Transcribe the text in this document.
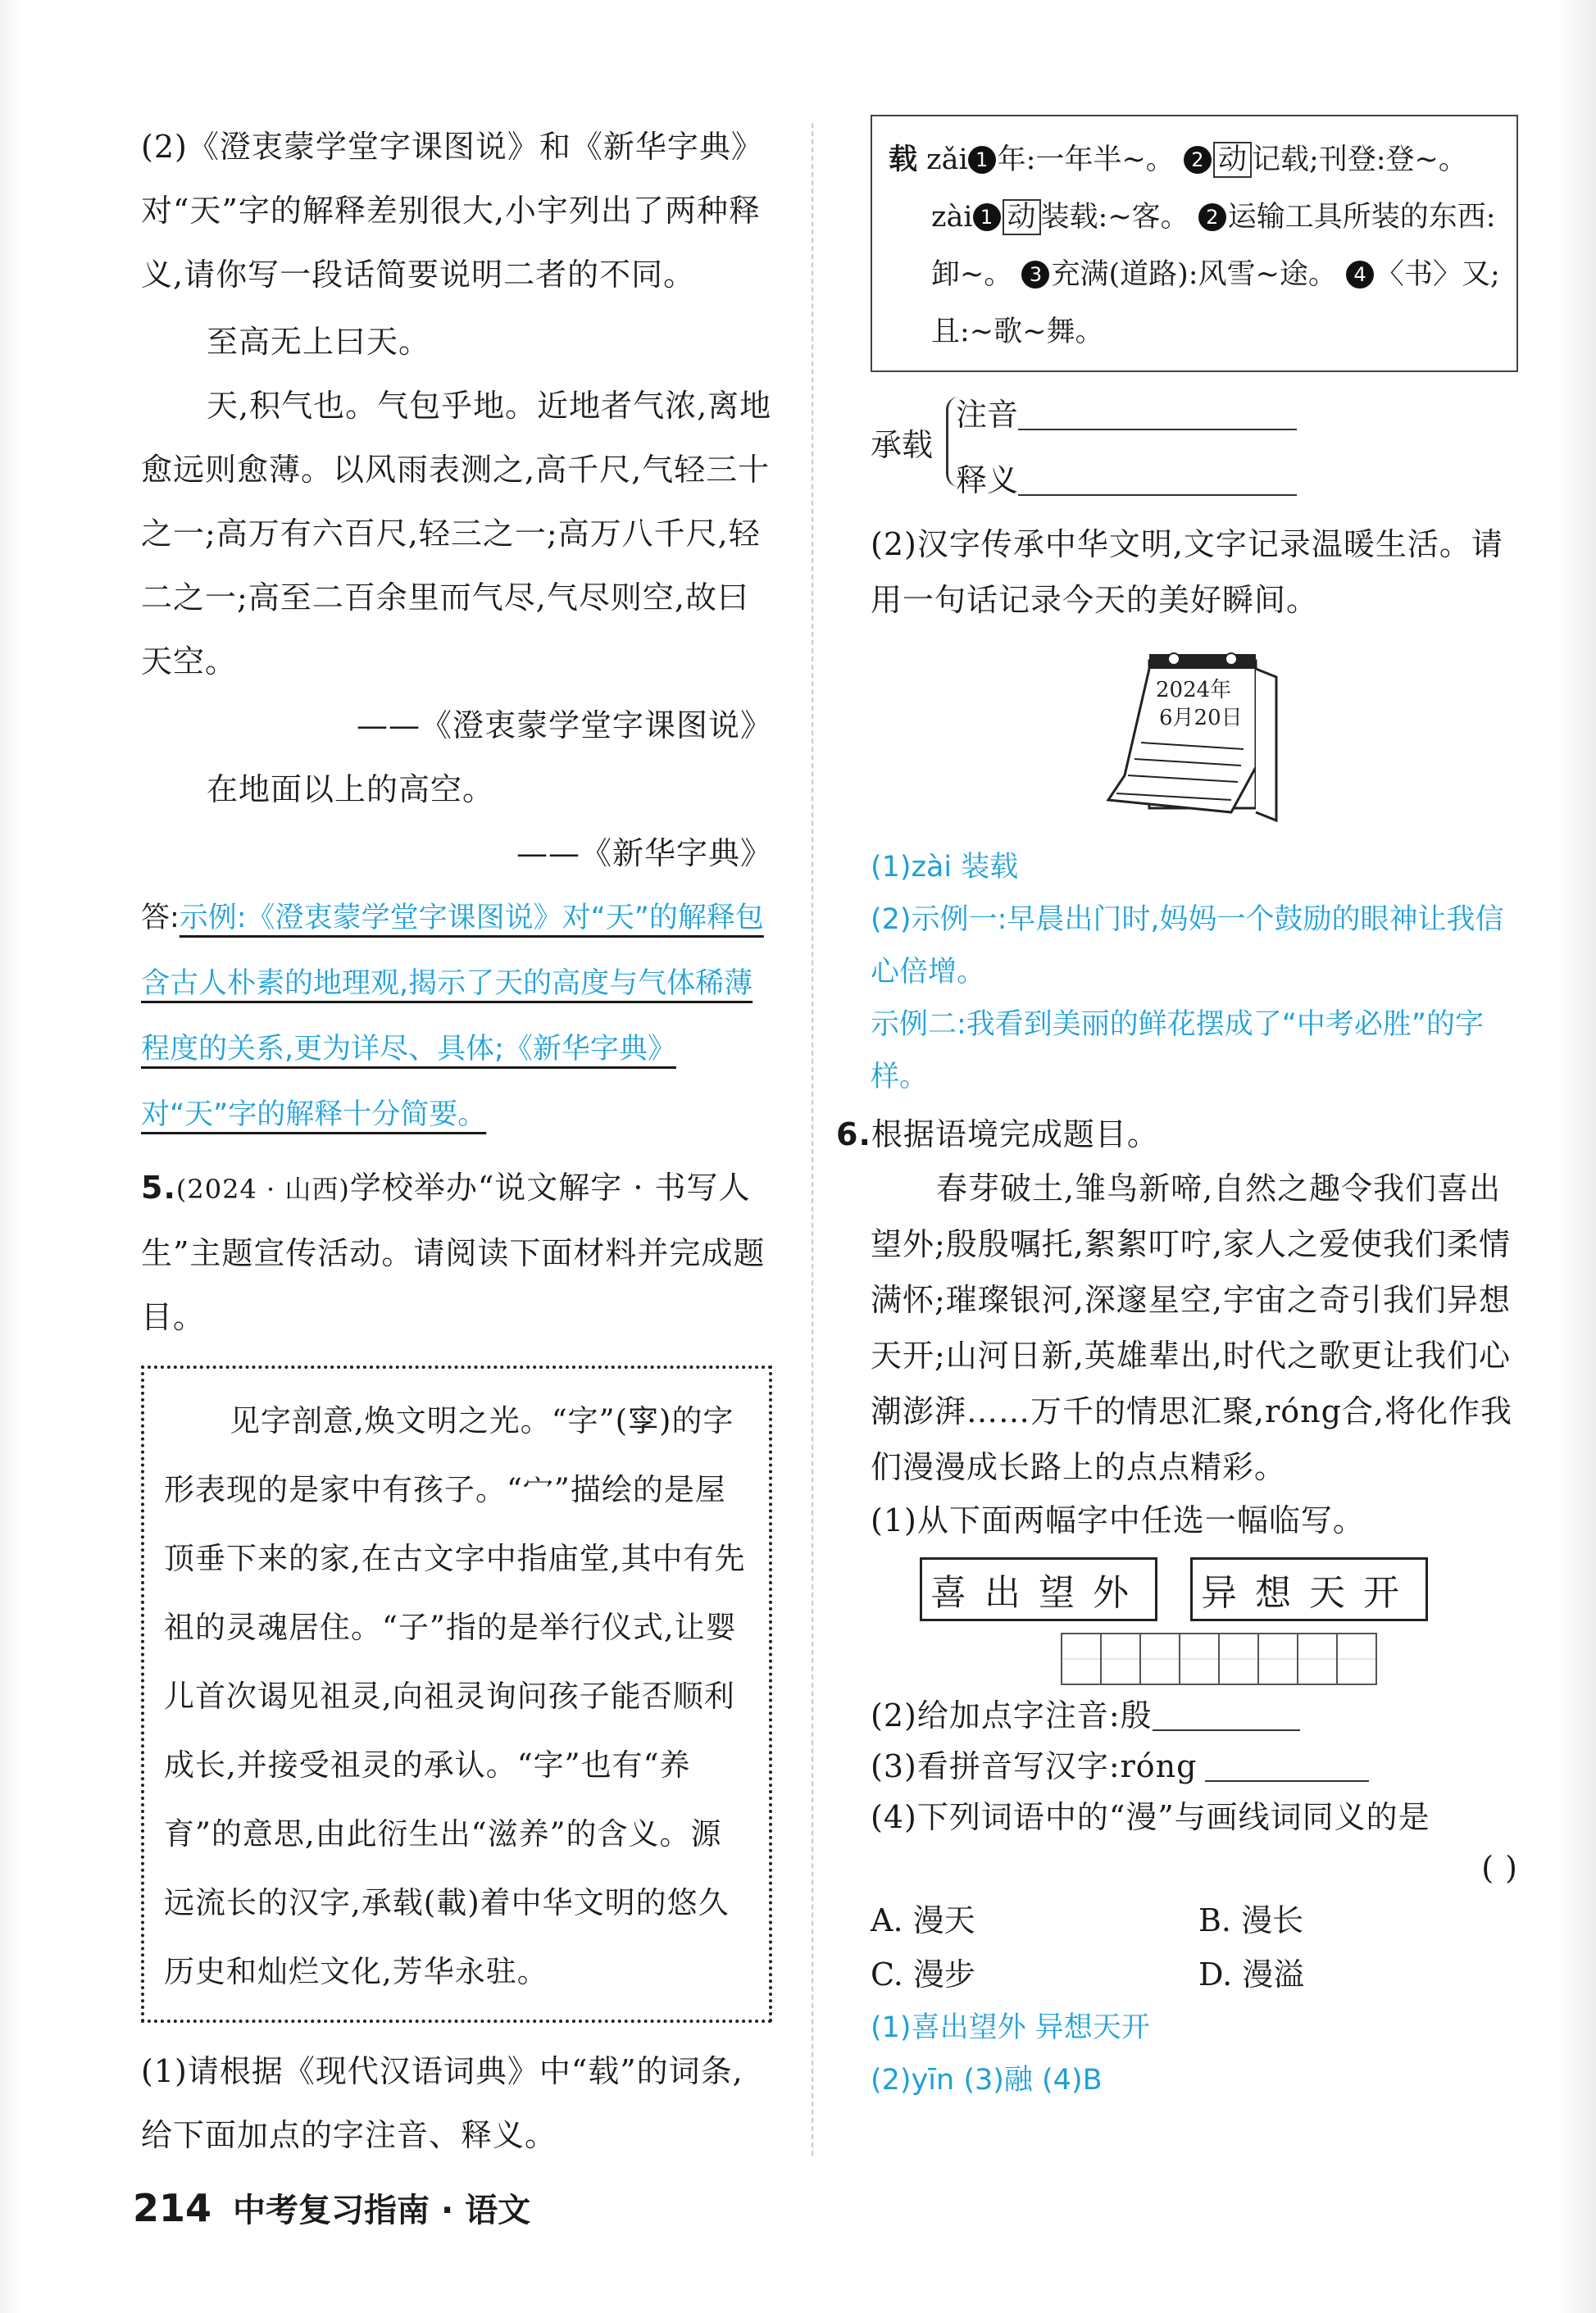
(2)《澄衷蒙学堂字课图说》和《新华字典》对“天”字的解释差别很大,小宇列出了两种释义,请你写一段话简要说明二者的不同。

至高无上曰天。

天,积气也。气包乎地。近地者气浓,离地愈远则愈薄。以风雨表测之,高千尺,气轻三十之一;高万有六百尺,轻三之一;高万八千尺,轻二之一;高至二百余里而气尽,气尽则空,故曰天空。

——《澄衷蒙学堂字课图说》

在地面以上的高空。

——《新华字典》

答:示例:《澄衷蒙学堂字课图说》对“天”的解释包含古人朴素的地理观,揭示了天的高度与气体稀薄程度的关系,更为详尽、具体;《新华字典》对“天”字的解释十分简要。

5.(2024 · 山西)学校举办“说文解字 · 书写人生”主题宣传活动。请阅读下面材料并完成题目。

见字剖意,焕文明之光。“字”(𡥜)的字形表现的是家中有孩子。“宀”描绘的是屋顶垂下来的家,在古文字中指庙堂,其中有先祖的灵魂居住。“子”指的是举行仪式,让婴儿首次谒见祖灵,向祖灵询问孩子能否顺利成长,并接受祖灵的承认。“字”也有“养育”的意思,由此衍生出“滋养”的含义。源远流长的汉字,承载(載)着中华文明的悠久历史和灿烂文化,芳华永驻。

(1)请根据《现代汉语词典》中“载”的词条,给下面加点的字注音、释义。

载 zǎi 1 年:一年半~。 2 动 记载;刊登:登~。
zài 1 动 装载:~客。 2 运输工具所装的东西:卸~。 3 充满(道路):风雪~途。 4 〈书〉又;且:~歌~舞。
承载
注音
释义

(2)汉字传承中华文明,文字记录温暖生活。请用一句话记录今天的美好瞬间。

2024年
6月20日

(1)zài 装载

(2)示例一:早晨出门时,妈妈一个鼓励的眼神让我信心倍增。

示例二:我看到美丽的鲜花摆成了“中考必胜”的字样。

6.根据语境完成题目。

春芽破土,雏鸟新啼,自然之趣令我们喜出望外;殷殷嘱托,絮絮叮咛,家人之爱使我们柔情满怀;璀璨银河,深邃星空,宇宙之奇引我们异想天开;山河日新,英雄辈出,时代之歌更让我们心潮澎湃……万千的情思汇聚,róng合,将化作我们漫漫成长路上的点点精彩。

(1)从下面两幅字中任选一幅临写。

喜出望外 异想天开

(2)给加点字注音:殷

(3)看拼音写汉字:róng

(4)下列词语中的“漫”与画线词同义的是

( )

A. 漫天	B. 漫长
C. 漫步	D. 漫溢

(1)喜出望外 异想天开

(2)yīn (3)融 (4)B

214 中考复习指南 · 语文
